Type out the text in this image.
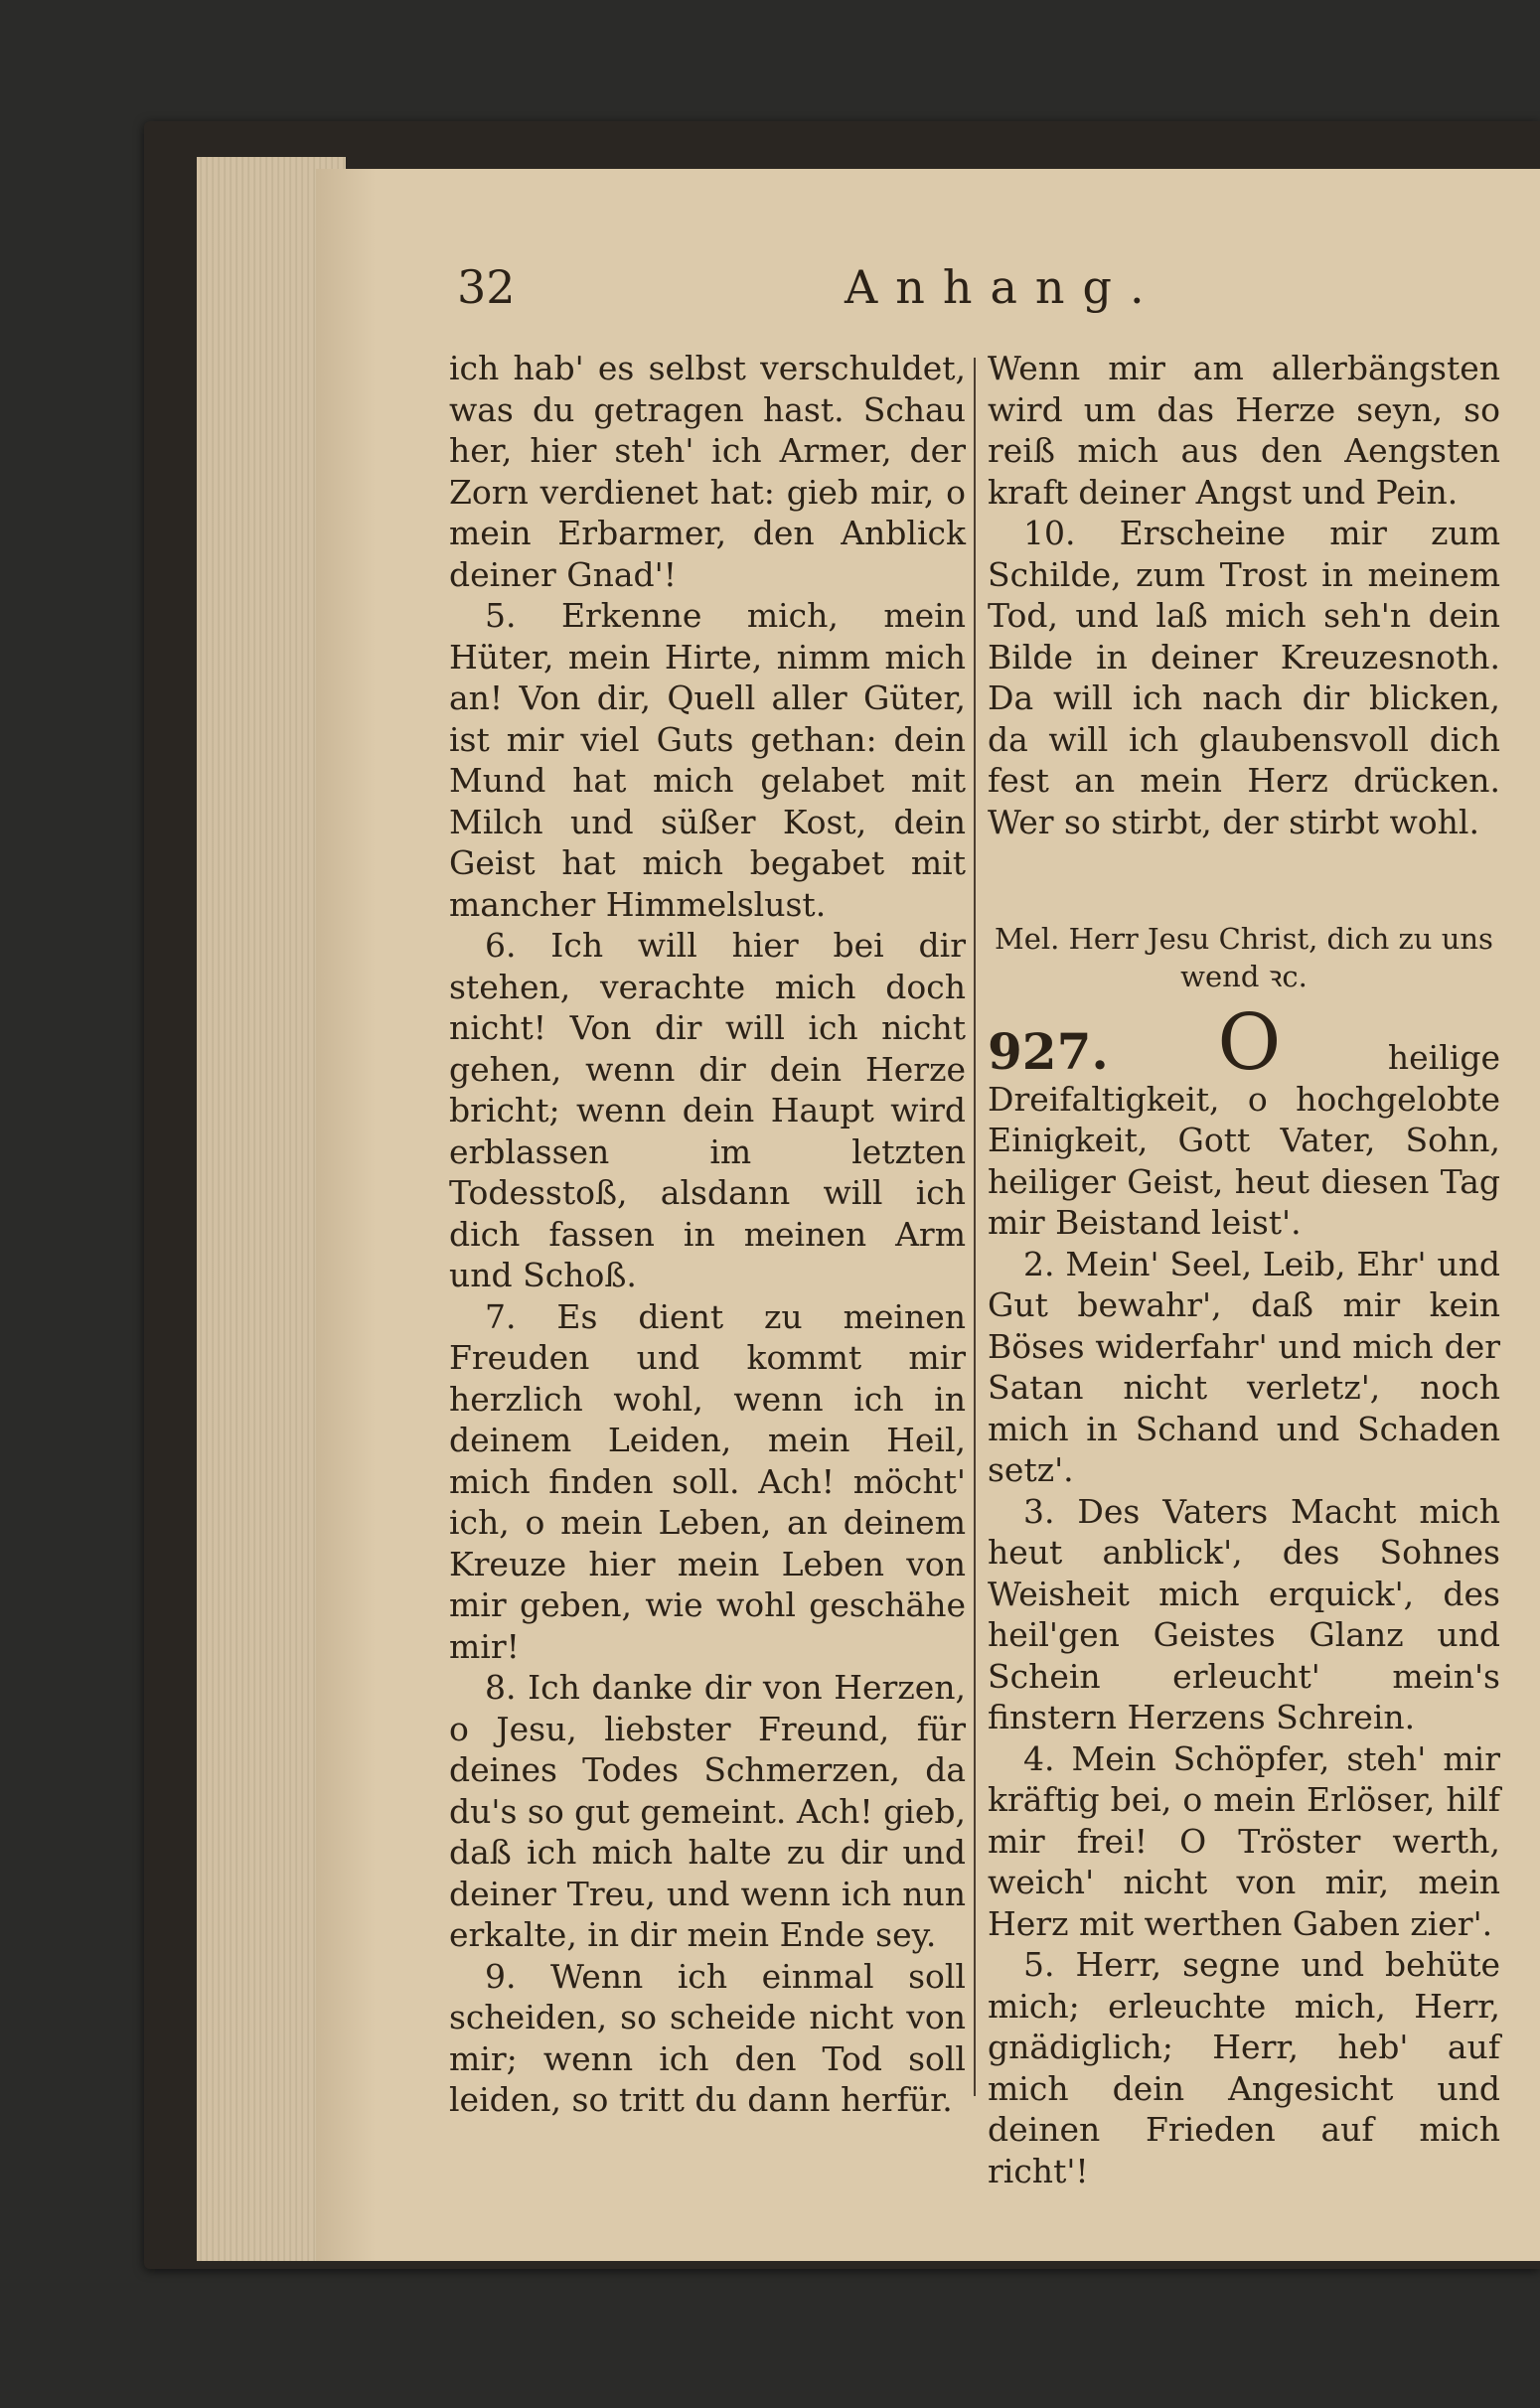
32	Anhang.

ich hab' es selbst verschuldet, was du getragen hast. Schau her, hier steh' ich Armer, der Zorn verdienet hat: gieb mir, o mein Erbarmer, den Anblick deiner Gnad'!

5. Erkenne mich, mein Hüter, mein Hirte, nimm mich an! Von dir, Quell aller Güter, ist mir viel Guts gethan: dein Mund hat mich gelabet mit Milch und süßer Kost, dein Geist hat mich begabet mit mancher Himmelslust.

6. Ich will hier bei dir stehen, verachte mich doch nicht! Von dir will ich nicht gehen, wenn dir dein Herze bricht; wenn dein Haupt wird erblassen im letzten Todesstoß, alsdann will ich dich fassen in meinen Arm und Schoß.

7. Es dient zu meinen Freuden und kommt mir herzlich wohl, wenn ich in deinem Leiden, mein Heil, mich finden soll. Ach! möcht' ich, o mein Leben, an deinem Kreuze hier mein Leben von mir geben, wie wohl geschähe mir!

8. Ich danke dir von Herzen, o Jesu, liebster Freund, für deines Todes Schmerzen, da du's so gut gemeint. Ach! gieb, daß ich mich halte zu dir und deiner Treu, und wenn ich nun erkalte, in dir mein Ende sey.

9. Wenn ich einmal soll scheiden, so scheide nicht von mir; wenn ich den Tod soll leiden, so tritt du dann herfür.

Wenn mir am allerbängsten wird um das Herze seyn, so reiß mich aus den Aengsten kraft deiner Angst und Pein.

10. Erscheine mir zum Schilde, zum Trost in meinem Tod, und laß mich seh'n dein Bilde in deiner Kreuzesnoth. Da will ich nach dir blicken, da will ich glaubensvoll dich fest an mein Herz drücken. Wer so stirbt, der stirbt wohl.

Mel. Herr Jesu Christ, dich zu uns wend ꝛc.

927. O	heilige Dreifaltigkeit, o hochgelobte Einigkeit, Gott Vater, Sohn, heiliger Geist, heut diesen Tag mir Beistand leist'.

2. Mein' Seel, Leib, Ehr' und Gut bewahr', daß mir kein Böses widerfahr' und mich der Satan nicht verletz', noch mich in Schand und Schaden setz'.

3. Des Vaters Macht mich heut anblick', des Sohnes Weisheit mich erquick', des heil'gen Geistes Glanz und Schein erleucht' mein's finstern Herzens Schrein.

4. Mein Schöpfer, steh' mir kräftig bei, o mein Erlöser, hilf mir frei! O Tröster werth, weich' nicht von mir, mein Herz mit werthen Gaben zier'.

5. Herr, segne und behüte mich; erleuchte mich, Herr, gnädiglich; Herr, heb' auf mich dein Angesicht und deinen Frieden auf mich richt'!
